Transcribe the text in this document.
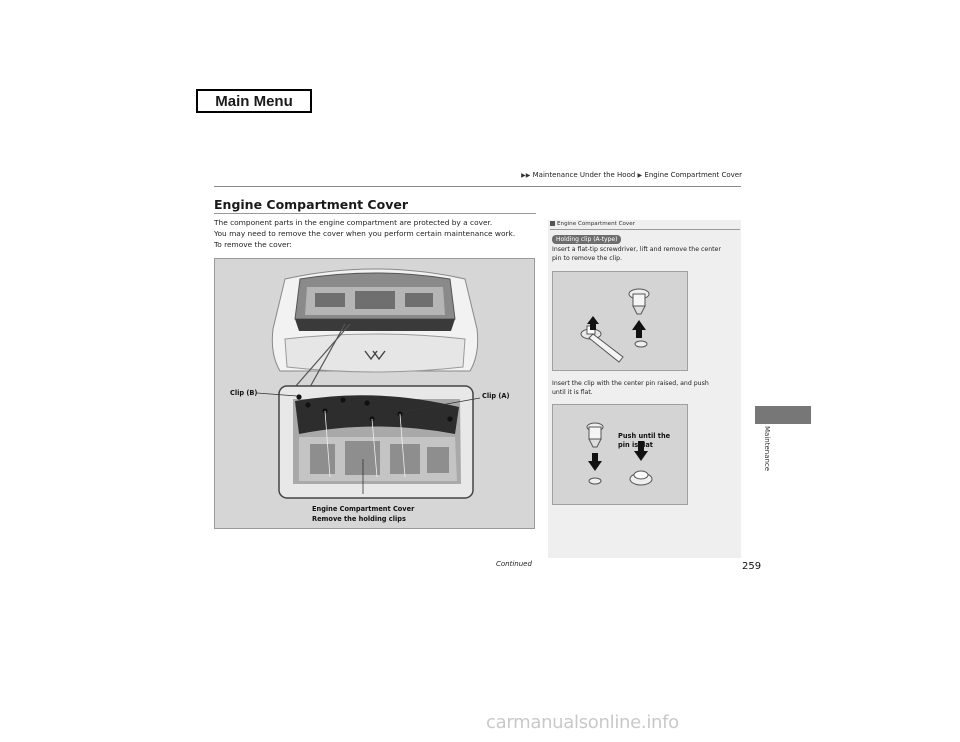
Main Menu
▶▶ Maintenance Under the Hood ▶ Engine Compartment Cover
Engine Compartment Cover
The component parts in the engine compartment are protected by a cover.
You may need to remove the cover when you perform certain maintenance work.
To remove the cover:
Clip (B)	Clip (A)
Engine Compartment Cover
Remove the holding clips
Engine Compartment Cover
Holding clip (A-type)
Insert a flat-tip screwdriver, lift and remove the center
pin to remove the clip.
Insert the clip with the center pin raised, and push
until it is flat.
Push until the
pin is flat	Maintenance
Continued	259
carmanualsonline.info
